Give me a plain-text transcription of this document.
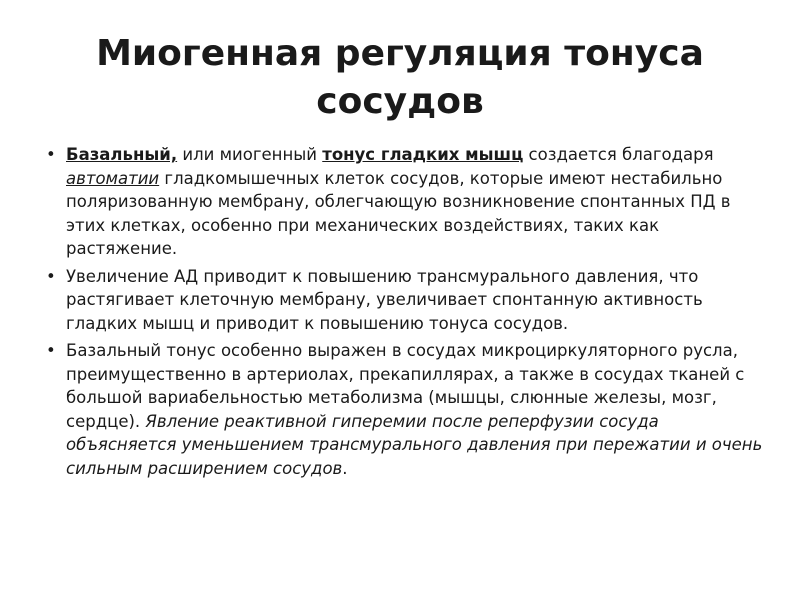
Миогенная регуляция тонуса сосудов
• Базальный, или миогенный тонус гладких мышц создается благодаря автоматии гладкомышечных клеток сосудов, которые имеют нестабильно поляризованную мембрану, облегчающую возникновение спонтанных ПД в этих клетках, особенно при механических воздействиях, таких как растяжение.
• Увеличение АД приводит к повышению трансмурального давления, что растягивает клеточную мембрану, увеличивает спонтанную активность гладких мышц и приводит к повышению тонуса сосудов.
• Базальный тонус особенно выражен в сосудах микроциркуляторного русла, преимущественно в артериолах, прекапиллярах, а также в сосудах тканей с большой вариабельностью метаболизма (мышцы, слюнные железы, мозг, сердце). Явление реактивной гиперемии после реперфузии сосуда объясняется уменьшением трансмурального давления при пережатии и очень сильным расширением сосудов.
